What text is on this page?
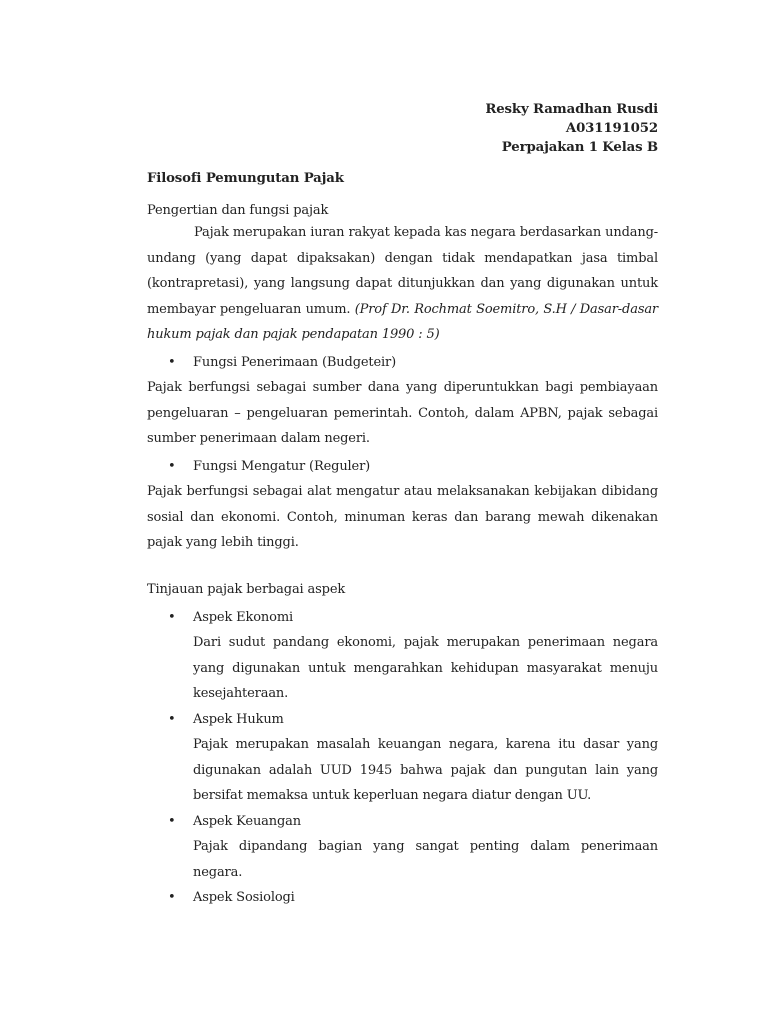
Resky Ramadhan Rusdi
A031191052
Perpajakan 1 Kelas B
Filosofi Pemungutan Pajak
Pengertian dan fungsi pajak

Pajak merupakan iuran rakyat kepada kas negara berdasarkan undang-undang (yang dapat dipaksakan) dengan tidak mendapatkan jasa timbal (kontrapretasi), yang langsung dapat ditunjukkan dan yang digunakan untuk membayar pengeluaran umum. (Prof Dr. Rochmat Soemitro, S.H / Dasar-dasar hukum pajak dan pajak pendapatan 1990 : 5)

• Fungsi Penerimaan (Budgeteir)

Pajak berfungsi sebagai sumber dana yang diperuntukkan bagi pembiayaan pengeluaran – pengeluaran pemerintah. Contoh, dalam APBN, pajak sebagai sumber penerimaan dalam negeri.

• Fungsi Mengatur (Reguler)

Pajak berfungsi sebagai alat mengatur atau melaksanakan kebijakan dibidang sosial dan ekonomi. Contoh, minuman keras dan barang mewah dikenakan pajak yang lebih tinggi.

Tinjauan pajak berbagai aspek
• Aspek Ekonomi

Dari sudut pandang ekonomi, pajak merupakan penerimaan negara yang digunakan untuk mengarahkan kehidupan masyarakat menuju kesejahteraan.

• Aspek Hukum

Pajak merupakan masalah keuangan negara, karena itu dasar yang digunakan adalah UUD 1945 bahwa pajak dan pungutan lain yang bersifat memaksa untuk keperluan negara diatur dengan UU.

• Aspek Keuangan

Pajak dipandang bagian yang sangat penting dalam penerimaan negara.

• Aspek Sosiologi
